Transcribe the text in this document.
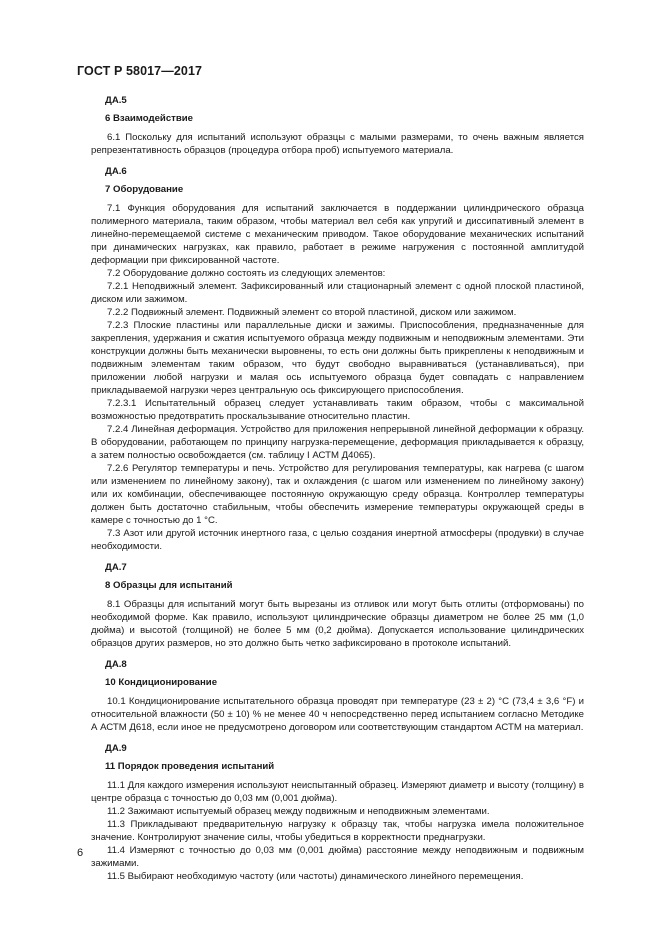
ГОСТ Р 58017—2017
ДА.5
6 Взаимодействие
6.1 Поскольку для испытаний используют образцы с малыми размерами, то очень важным является репрезентативность образцов (процедура отбора проб) испытуемого материала.
ДА.6
7 Оборудование
7.1 Функция оборудования для испытаний заключается в поддержании цилиндрического образца полимерного материала, таким образом, чтобы материал вел себя как упругий и диссипативный элемент в линейно-перемещаемой системе с механическим приводом. Такое оборудование механических испытаний при динамических нагрузках, как правило, работает в режиме нагружения с постоянной амплитудой деформации при фиксированной частоте.
7.2 Оборудование должно состоять из следующих элементов:
7.2.1 Неподвижный элемент. Зафиксированный или стационарный элемент с одной плоской пластиной, диском или зажимом.
7.2.2 Подвижный элемент. Подвижный элемент со второй пластиной, диском или зажимом.
7.2.3 Плоские пластины или параллельные диски и зажимы. Приспособления, предназначенные для закрепления, удержания и сжатия испытуемого образца между подвижным и неподвижным элементами. Эти конструкции должны быть механически выровнены, то есть они должны быть прикреплены к неподвижным и подвижным элементам таким образом, что будут свободно выравниваться (устанавливаться), при приложении любой нагрузки и малая ось испытуемого образца будет совпадать с направлением прикладываемой нагрузки через центральную ось фиксирующего приспособления.
7.2.3.1 Испытательный образец следует устанавливать таким образом, чтобы с максимальной возможностью предотвратить проскальзывание относительно пластин.
7.2.4 Линейная деформация. Устройство для приложения непрерывной линейной деформации к образцу. В оборудовании, работающем по принципу нагрузка-перемещение, деформация прикладывается к образцу, а затем полностью освобождается (см. таблицу I АСТМ Д4065).
7.2.6 Регулятор температуры и печь. Устройство для регулирования температуры, как нагрева (с шагом или изменением по линейному закону), так и охлаждения (с шагом или изменением по линейному закону) или их комбинации, обеспечивающее постоянную окружающую среду образца. Контроллер температуры должен быть достаточно стабильным, чтобы обеспечить измерение температуры окружающей среды в камере с точностью до 1 °С.
7.3 Азот или другой источник инертного газа, с целью создания инертной атмосферы (продувки) в случае необходимости.
ДА.7
8 Образцы для испытаний
8.1 Образцы для испытаний могут быть вырезаны из отливок или могут быть отлиты (отформованы) по необходимой форме. Как правило, используют цилиндрические образцы диаметром не более 25 мм (1,0 дюйма) и высотой (толщиной) не более 5 мм (0,2 дюйма). Допускается использование цилиндрических образцов других размеров, но это должно быть четко зафиксировано в протоколе испытаний.
ДА.8
10 Кондиционирование
10.1 Кондиционирование испытательного образца проводят при температуре (23 ± 2) °С (73,4 ± 3,6 °F) и относительной влажности (50 ± 10) % не менее 40 ч непосредственно перед испытанием согласно Методике А АСТМ Д618, если иное не предусмотрено договором или соответствующим стандартом АСТМ на материал.
ДА.9
11 Порядок проведения испытаний
11.1 Для каждого измерения используют неиспытанный образец. Измеряют диаметр и высоту (толщину) в центре образца с точностью до 0,03 мм (0,001 дюйма).
11.2 Зажимают испытуемый образец между подвижным и неподвижным элементами.
11.3 Прикладывают предварительную нагрузку к образцу так, чтобы нагрузка имела положительное значение. Контролируют значение силы, чтобы убедиться в корректности преднагрузки.
11.4 Измеряют с точностью до 0,03 мм (0,001 дюйма) расстояние между неподвижным и подвижным зажимами.
11.5 Выбирают необходимую частоту (или частоты) динамического линейного перемещения.
6
